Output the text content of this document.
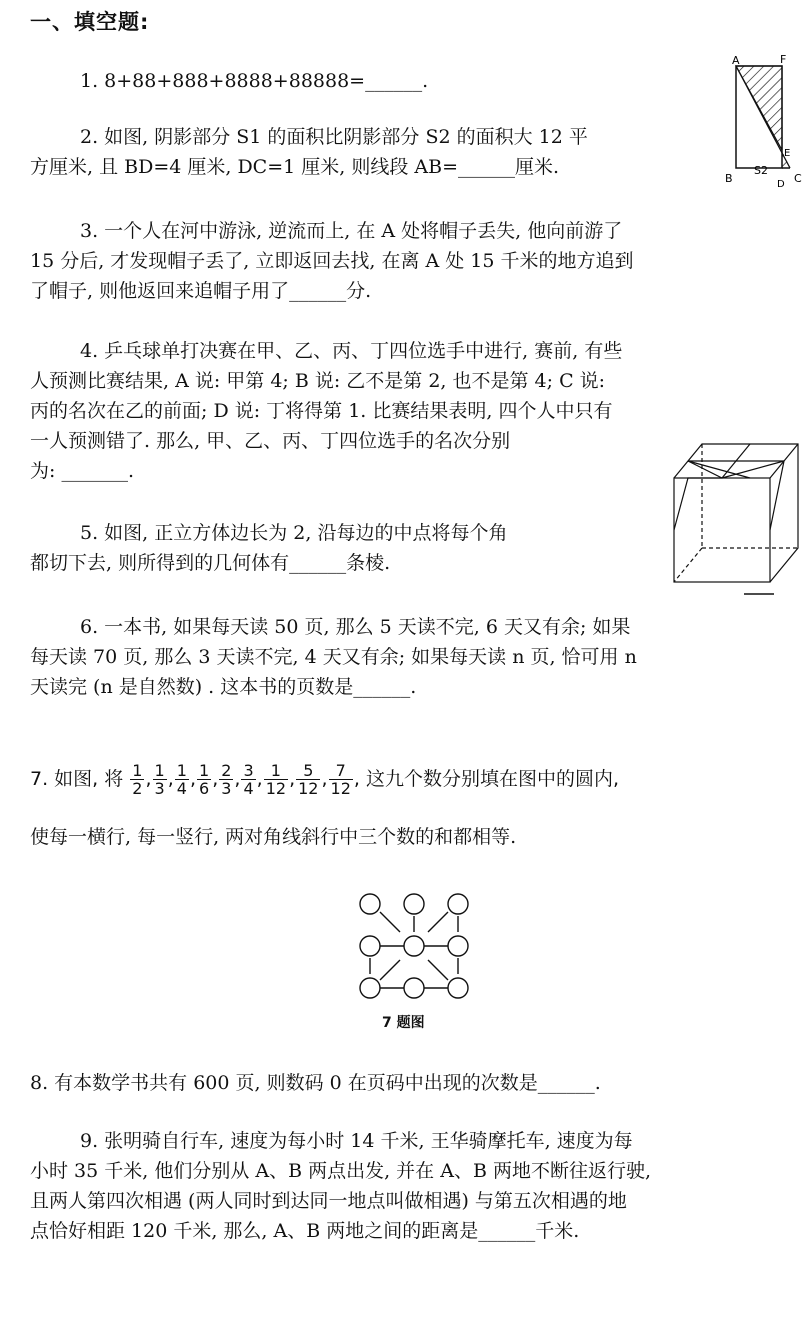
一、填空题:
1. 8+88+888+8888+88888=______.
2. 如图, 阴影部分 S1 的面积比阴影部分 S2 的面积大 12 平
方厘米, 且 BD=4 厘米, DC=1 厘米, 则线段 AB=______厘米.
A	F
B	C
D
E
S2
3. 一个人在河中游泳, 逆流而上, 在 A 处将帽子丢失, 他向前游了
15 分后, 才发现帽子丢了, 立即返回去找, 在离 A 处 15 千米的地方追到
了帽子, 则他返回来追帽子用了______分.
4. 乒乓球单打决赛在甲、乙、丙、丁四位选手中进行, 赛前, 有些
人预测比赛结果, A 说: 甲第 4; B 说: 乙不是第 2, 也不是第 4; C 说:
丙的名次在乙的前面; D 说: 丁将得第 1. 比赛结果表明, 四个人中只有
一人预测错了. 那么, 甲、乙、丙、丁四位选手的名次分别
为: _______.
5. 如图, 正立方体边长为 2, 沿每边的中点将每个角
都切下去, 则所得到的几何体有______条棱.
6. 一本书, 如果每天读 50 页, 那么 5 天读不完, 6 天又有余; 如果
每天读 70 页, 那么 3 天读不完, 4 天又有余; 如果每天读 n 页, 恰可用 n
天读完 (n 是自然数) . 这本书的页数是______.
7. 如图, 将 $\frac{1}{2}$ , $\frac{1}{3}$ , $\frac{1}{4}$ , $\frac{1}{6}$ , $\frac{2}{3}$ , $\frac{3}{4}$ , $\frac{1}{12}$ , $\frac{5}{12}$ , $\frac{7}{12}$ , 这九个数分别填在图中的圆内,
使每一横行, 每一竖行, 两对角线斜行中三个数的和都相等.
7 题图
8. 有本数学书共有 600 页, 则数码 0 在页码中出现的次数是______.
9. 张明骑自行车, 速度为每小时 14 千米, 王华骑摩托车, 速度为每
小时 35 千米, 他们分别从 A、B 两点出发, 并在 A、B 两地不断往返行驶,
且两人第四次相遇 (两人同时到达同一地点叫做相遇) 与第五次相遇的地
点恰好相距 120 千米, 那么, A、B 两地之间的距离是______千米.
